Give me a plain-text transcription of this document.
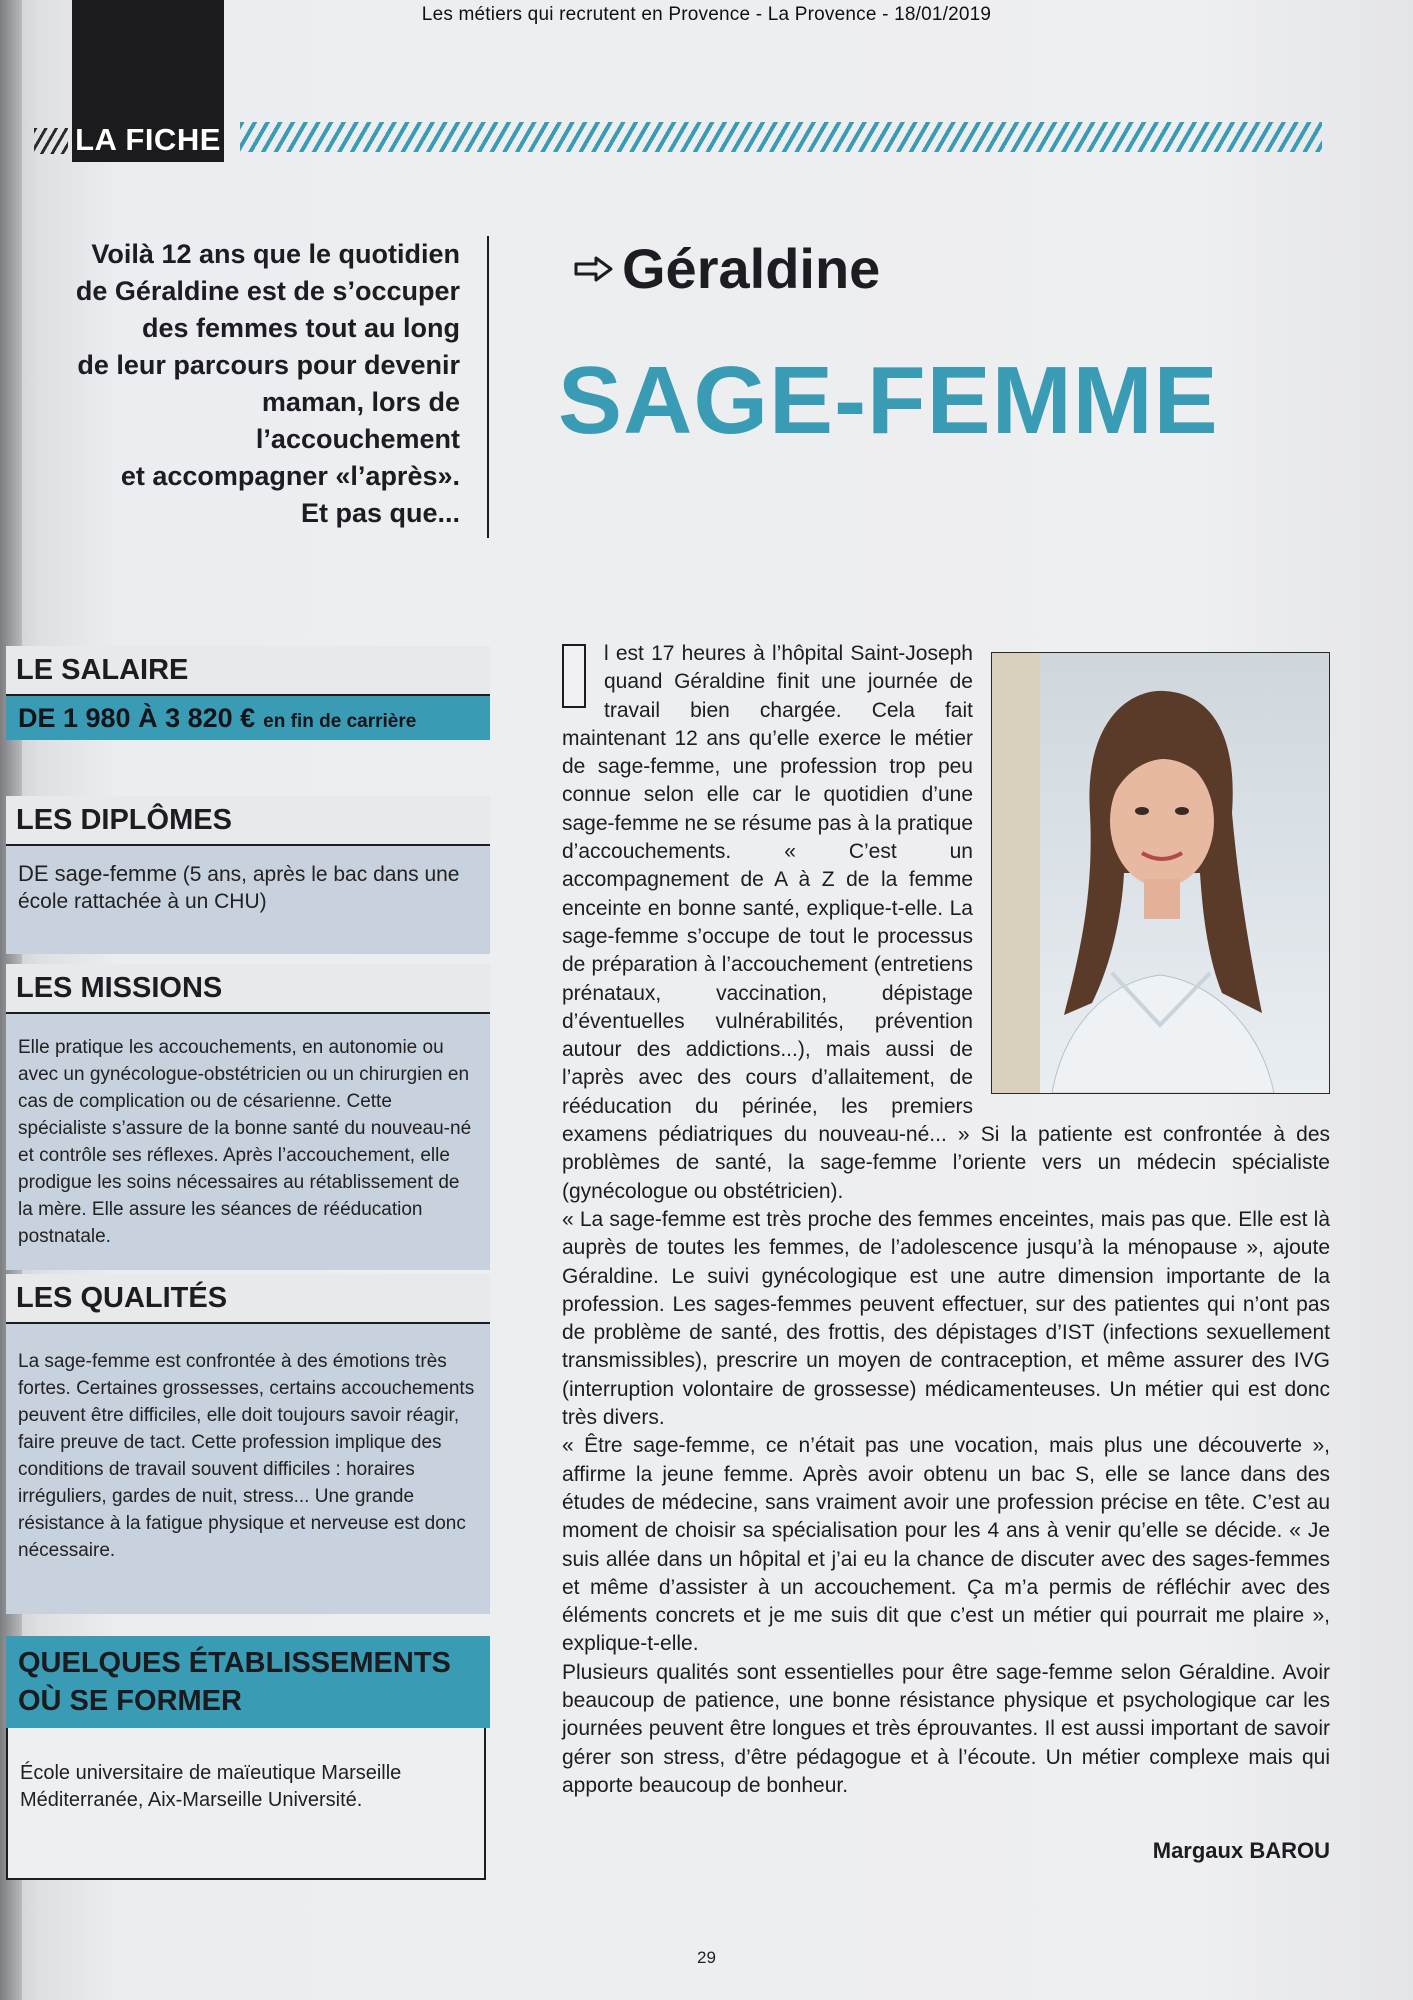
Les métiers qui recrutent en Provence - La Provence - 18/01/2019
LA FICHE
Voilà 12 ans que le quotidien
de Géraldine est de s’occuper
des femmes tout au long
de leur parcours pour devenir
maman, lors de l’accouchement
et accompagner «l’après».
Et pas que...
Géraldine
SAGE-FEMME
LE SALAIRE
DE 1 980 À 3 820 € en fin de carrière
LES DIPLÔMES
DE sage-femme (5 ans, après le bac dans une école rattachée à un CHU)
LES MISSIONS
Elle pratique les accouchements, en autonomie ou avec un gynécologue-obstétricien ou un chirurgien en cas de complication ou de césarienne. Cette spécialiste s’assure de la bonne santé du nouveau-né et contrôle ses réflexes. Après l’accouchement, elle prodigue les soins nécessaires au rétablissement de la mère. Elle assure les séances de rééducation postnatale.
LES QUALITÉS
La sage-femme est confrontée à des émotions très fortes. Certaines grossesses, certains accouchements peuvent être difficiles, elle doit toujours savoir réagir, faire preuve de tact. Cette profession implique des conditions de travail souvent difficiles : horaires irréguliers, gardes de nuit, stress... Une grande résistance à la fatigue physique et nerveuse est donc nécessaire.
QUELQUES ÉTABLISSEMENTS
OÙ SE FORMER
École universitaire de maïeutique Marseille Méditerranée, Aix-Marseille Université.

l est 17 heures à l’hôpital Saint-Joseph quand Géraldine finit une journée de travail bien chargée. Cela fait maintenant 12 ans qu’elle exerce le métier de sage-femme, une profession trop peu connue selon elle car le quotidien d’une sage-femme ne se résume pas à la pratique d’accouchements. « C’est un accompagnement de A à Z de la femme enceinte en bonne santé, explique-t-elle. La sage-femme s’occupe de tout le processus de préparation à l’accouchement (entretiens prénataux, vaccination, dépistage d’éventuelles vulnérabilités, prévention autour des addictions...), mais aussi de l’après avec des cours d’allaitement, de rééducation du périnée, les premiers examens pédiatriques du nouveau-né... » Si la patiente est confrontée à des problèmes de santé, la sage-femme l’oriente vers un médecin spécialiste (gynécologue ou obstétricien).

« La sage-femme est très proche des femmes enceintes, mais pas que. Elle est là auprès de toutes les femmes, de l’adolescence jusqu’à la ménopause », ajoute Géraldine. Le suivi gynécologique est une autre dimension importante de la profession. Les sages-femmes peuvent effectuer, sur des patientes qui n’ont pas de problème de santé, des frottis, des dépistages d’IST (infections sexuellement transmissibles), prescrire un moyen de contraception, et même assurer des IVG (interruption volontaire de grossesse) médicamenteuses. Un métier qui est donc très divers.

« Être sage-femme, ce n’était pas une vocation, mais plus une découverte », affirme la jeune femme. Après avoir obtenu un bac S, elle se lance dans des études de médecine, sans vraiment avoir une profession précise en tête. C’est au moment de choisir sa spécialisation pour les 4 ans à venir qu’elle se décide. « Je suis allée dans un hôpital et j’ai eu la chance de discuter avec des sages-femmes et même d’assister à un accouchement. Ça m’a permis de réfléchir avec des éléments concrets et je me suis dit que c’est un métier qui pourrait me plaire », explique-t-elle.

Plusieurs qualités sont essentielles pour être sage-femme selon Géraldine. Avoir beaucoup de patience, une bonne résistance physique et psychologique car les journées peuvent être longues et très éprouvantes. Il est aussi important de savoir gérer son stress, d’être pédagogue et à l’écoute. Un métier complexe mais qui apporte beaucoup de bonheur.

Margaux BAROU
29
